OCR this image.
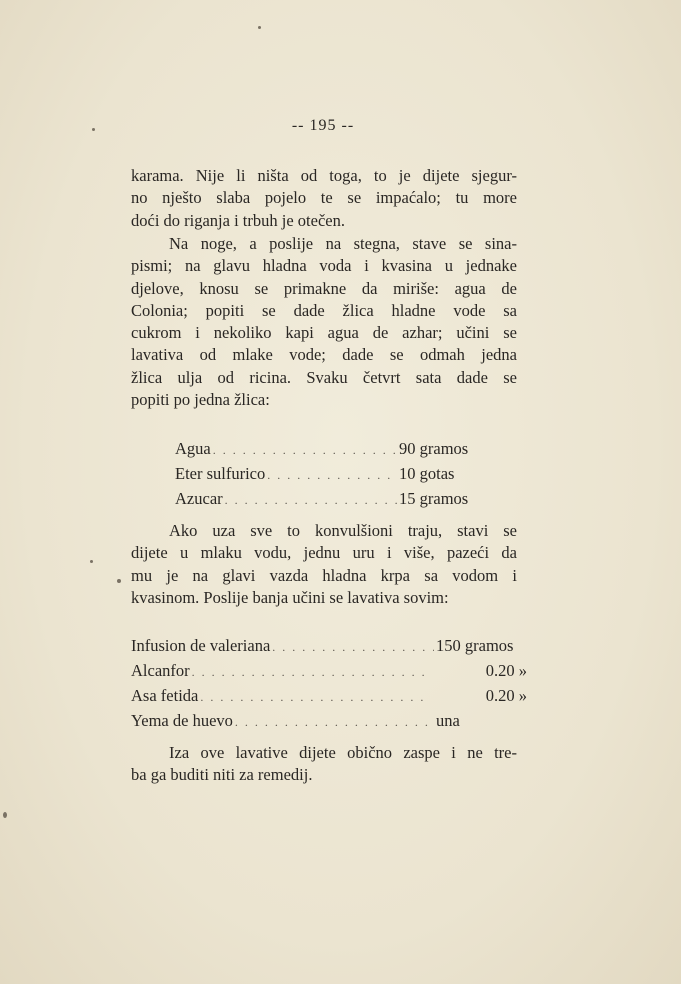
-- 195 --
karama. Nije li ništa od toga, to je dijete sjegur-
no nješto slaba pojelo te se impaćalo; tu more
doći do riganja i trbuh je otečen.
Na noge, a poslije na stegna, stave se sina-
pismi; na glavu hladna voda i kvasina u jednake
djelove, knosu se primakne da miriše: agua de
Colonia; popiti se dade žlica hladne vode sa
cukrom i nekoliko kapi agua de azhar; učini se
lavativa od mlake vode; dade se odmah jedna
žlica ulja od ricina. Svaku četvrt sata dade se
popiti po jedna žlica:
Agua . . .	90 gramos
Eter sulfurico . . .	10 gotas
Azucar . . .	15 gramos
Ako uza sve to konvulšioni traju, stavi se
dijete u mlaku vodu, jednu uru i više, pazeći da
mu je na glavi vazda hladna krpa sa vodom i
kvasinom. Poslije banja učini se lavativa sovim:
Infusion de valeriana . . .	150 gramos
Alcanfor . . .	0.20 »
Asa fetida . . .	0.20 »
Yema de huevo . . .	una
Iza ove lavative dijete obično zaspe i ne tre-
ba ga buditi niti za remedij.
